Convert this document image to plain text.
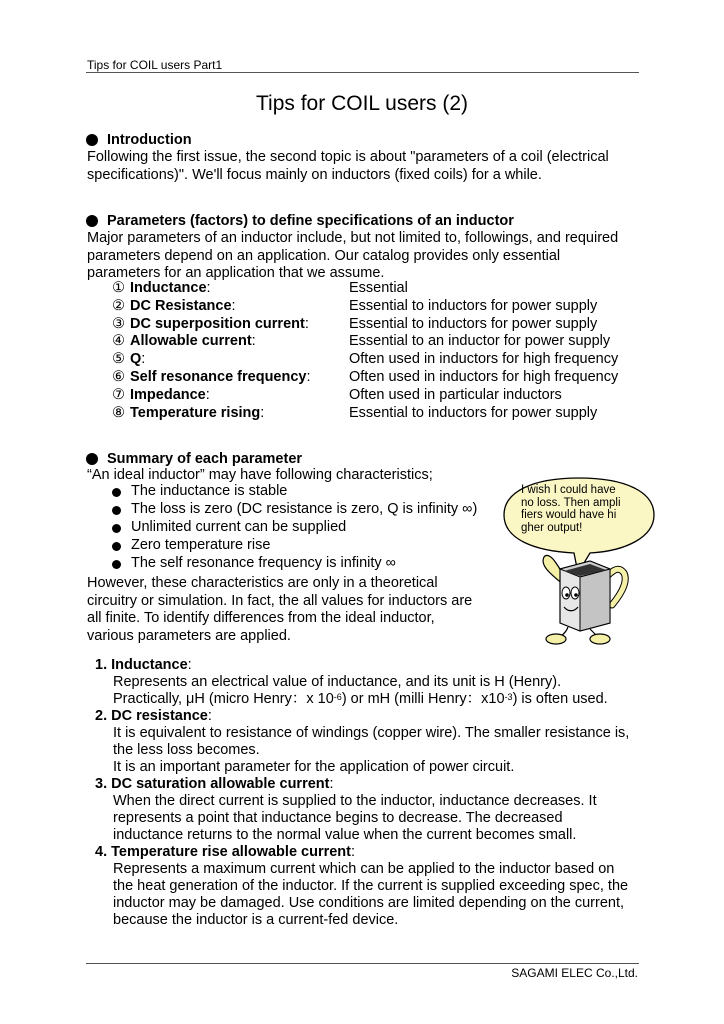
Tips for COIL users Part1
Tips for COIL users (2)
Introduction
Following the first issue, the second topic is about "parameters of a coil (electrical
specifications)". We'll focus mainly on inductors (fixed coils) for a while.
Parameters (factors) to define specifications of an inductor
Major parameters of an inductor include, but not limited to, followings, and required
parameters depend on an application. Our catalog provides only essential
parameters for an application that we assume.
① Inductance:	Essential
② DC Resistance:	Essential to inductors for power supply
③ DC superposition current:	Essential to inductors for power supply
④ Allowable current:	Essential to an inductor for power supply
⑤ Q:	Often used in inductors for high frequency
⑥ Self resonance frequency:	Often used in inductors for high frequency
⑦ Impedance:	Often used in particular inductors
⑧ Temperature rising:	Essential to inductors for power supply
Summary of each parameter
“An ideal inductor” may have following characteristics;
The inductance is stable
The loss is zero (DC resistance is zero, Q is infinity ∞)
Unlimited current can be supplied
Zero temperature rise
The self resonance frequency is infinity ∞
However, these characteristics are only in a theoretical
circuitry or simulation. In fact, the all values for inductors are
all finite. To identify differences from the ideal inductor,
various parameters are applied.
I wish I could have
no loss. Then ampli
fiers would have hi
gher output!
1. Inductance:
Represents an electrical value of inductance, and its unit is H (Henry).
Practically, μH (micro Henry：x $10^{-6}$) or mH (milli Henry：$x10^{-3}$) is often used.
2. DC resistance:
It is equivalent to resistance of windings (copper wire). The smaller resistance is,
the less loss becomes.
It is an important parameter for the application of power circuit.
3. DC saturation allowable current:
When the direct current is supplied to the inductor, inductance decreases. It
represents a point that inductance begins to decrease. The decreased
inductance returns to the normal value when the current becomes small.
4. Temperature rise allowable current:
Represents a maximum current which can be applied to the inductor based on
the heat generation of the inductor. If the current is supplied exceeding spec, the
inductor may be damaged. Use conditions are limited depending on the current,
because the inductor is a current-fed device.
SAGAMI ELEC Co.,Ltd.
